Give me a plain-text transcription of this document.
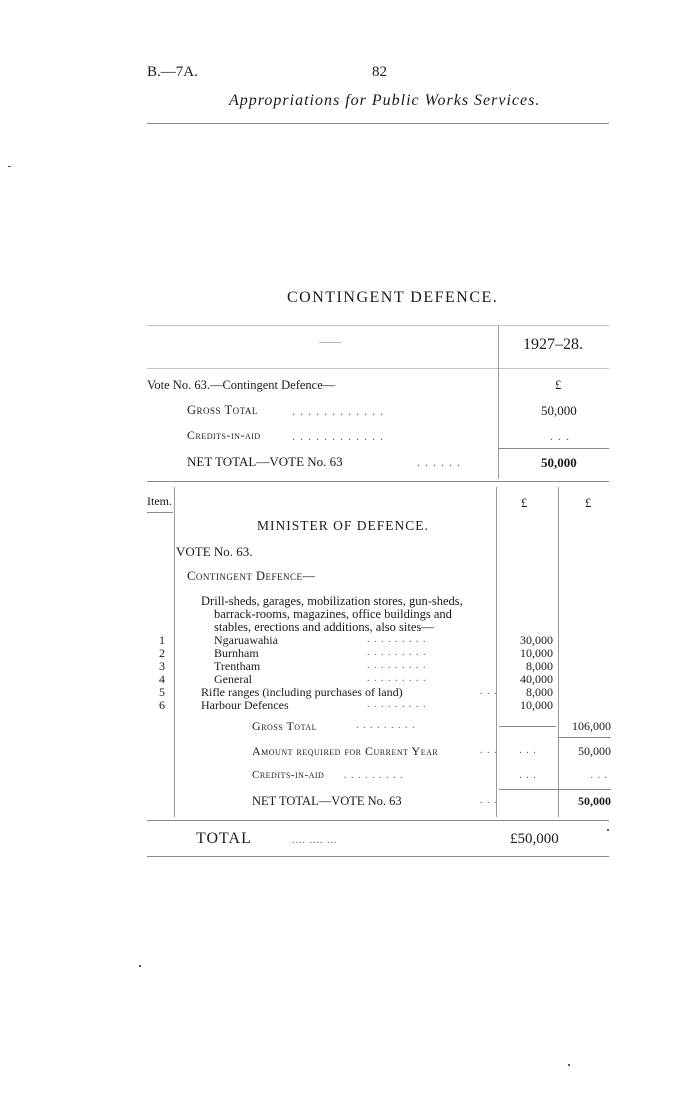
B.—7A.	82
Appropriations for Public Works Services.
CONTINGENT DEFENCE.
——	1927–28.
Vote No. 63.—Contingent Defence—	£
Gross Total	. . . . . . . . . . . .	50,000
Credits-in-aid	. . . . . . . . . . . .	. . .
NET TOTAL—VOTE No. 63	. . . . . .	50,000
Item.	£	£
MINISTER OF DEFENCE.
VOTE No. 63.
Contingent Defence—
Drill-sheds, garages, mobilization stores, gun-sheds,
barrack-rooms, magazines, office buildings and
stables, erections and additions, also sites—
1	Ngaruawahia	. . . . . . . . .	30,000
2	Burnham	. . . . . . . . .	10,000
3	Trentham	. . . . . . . . .	8,000
4	General	. . . . . . . . .	40,000
5	Rifle ranges (including purchases of land)	. . .	8,000
6	Harbour Defences	. . . . . . . . .	10,000
Gross Total	. . . . . . . . .	106,000
Amount required for Current Year	. . .	. . .	50,000
Credits-in-aid . . . . . . . . .	. . .	. . .
NET TOTAL—VOTE No. 63	. . .	50,000
TOTAL	.... .... ...	£50,000
